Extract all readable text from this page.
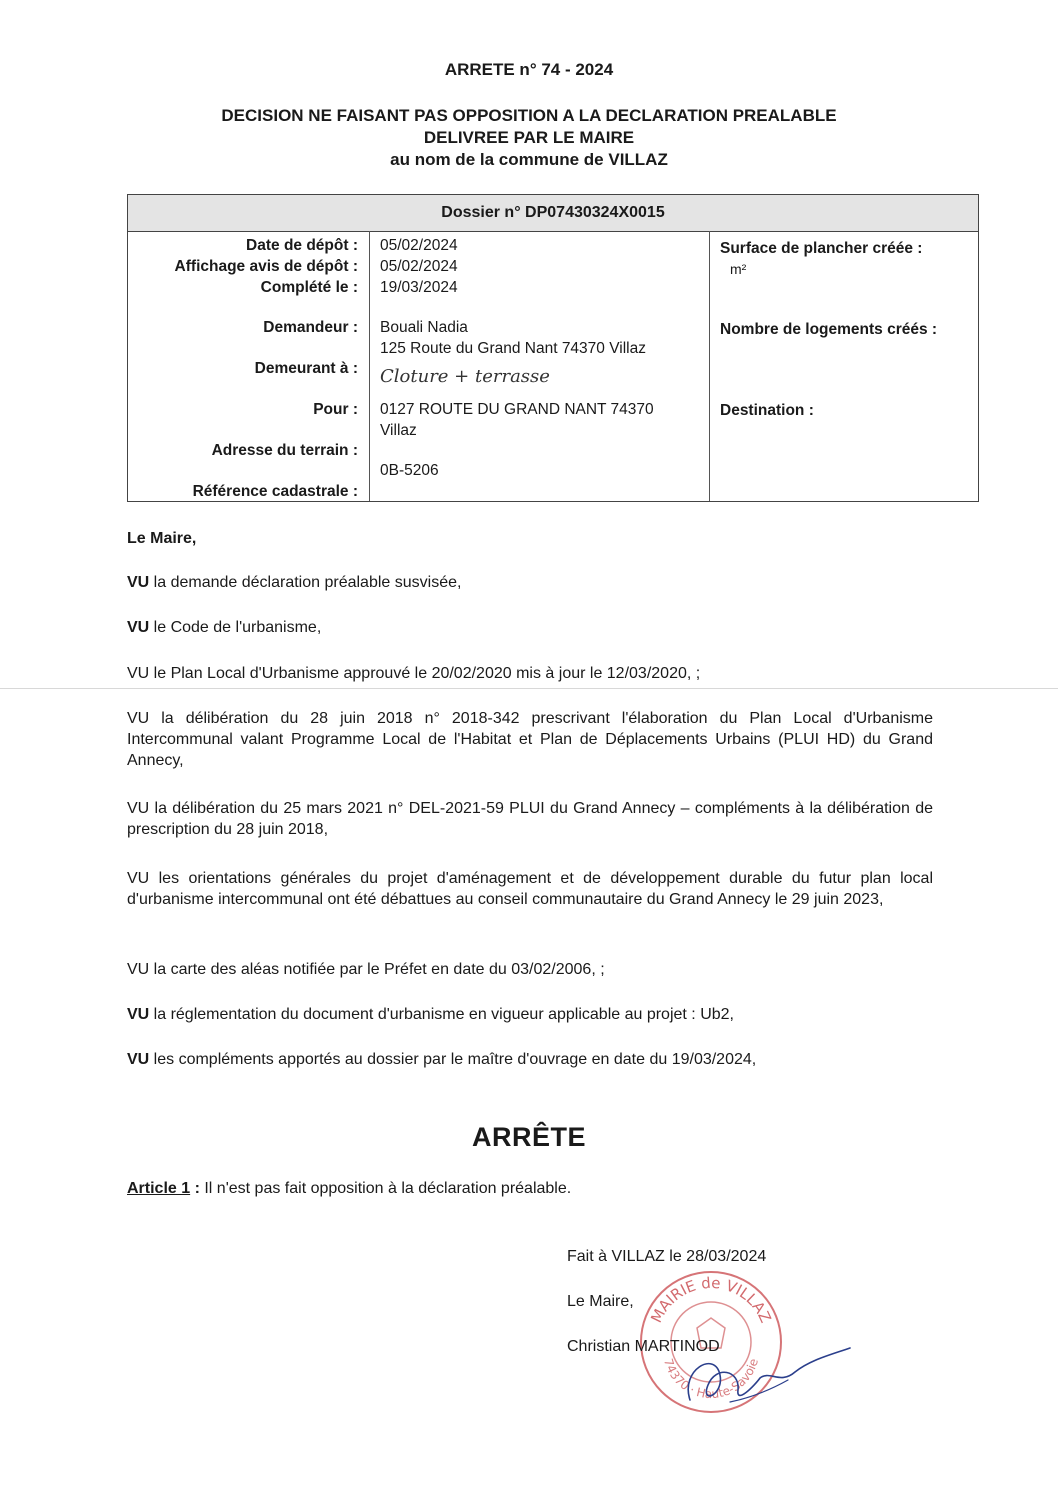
ARRETE n° 74 - 2024
DECISION NE FAISANT PAS OPPOSITION A LA DECLARATION PREALABLE
DELIVREE PAR LE MAIRE
au nom de la commune de VILLAZ
Dossier n° DP07430324X0015
Date de dépôt :
Affichage avis de dépôt :
Complété le :
Demandeur :
Demeurant à :
Pour :
Adresse du terrain :
Référence cadastrale :
05/02/2024
05/02/2024
19/03/2024
Bouali Nadia
125 Route du Grand Nant 74370 Villaz
Cloture + terrasse
0127 ROUTE DU GRAND NANT 74370
Villaz
0B-5206
Surface de plancher créée :
m²
Nombre de logements créés :
Destination :
Le Maire,
VU la demande déclaration préalable susvisée,
VU le Code de l'urbanisme,
VU le Plan Local d'Urbanisme approuvé le 20/02/2020 mis à jour le 12/03/2020, ;
VU la délibération du 28 juin 2018 n° 2018-342 prescrivant l'élaboration du Plan Local d'Urbanisme Intercommunal valant Programme Local de l'Habitat et Plan de Déplacements Urbains (PLUI HD) du Grand Annecy,
VU la délibération du 25 mars 2021 n° DEL-2021-59 PLUI du Grand Annecy – compléments à la délibération de prescription du 28 juin 2018,
VU les orientations générales du projet d'aménagement et de développement durable du futur plan local d'urbanisme intercommunal ont été débattues au conseil communautaire du Grand Annecy le 29 juin 2023,
VU la carte des aléas notifiée par le Préfet en date du 03/02/2006, ;
VU la réglementation du document d'urbanisme en vigueur applicable au projet : Ub2,
VU les compléments apportés au dossier par le maître d'ouvrage en date du 19/03/2024,
ARRÊTE
Article 1 : Il n'est pas fait opposition à la déclaration préalable.
MAIRIE de VILLAZ
74370 · Haute-Savoie
Fait à VILLAZ le 28/03/2024
Le Maire,
Christian MARTINOD
